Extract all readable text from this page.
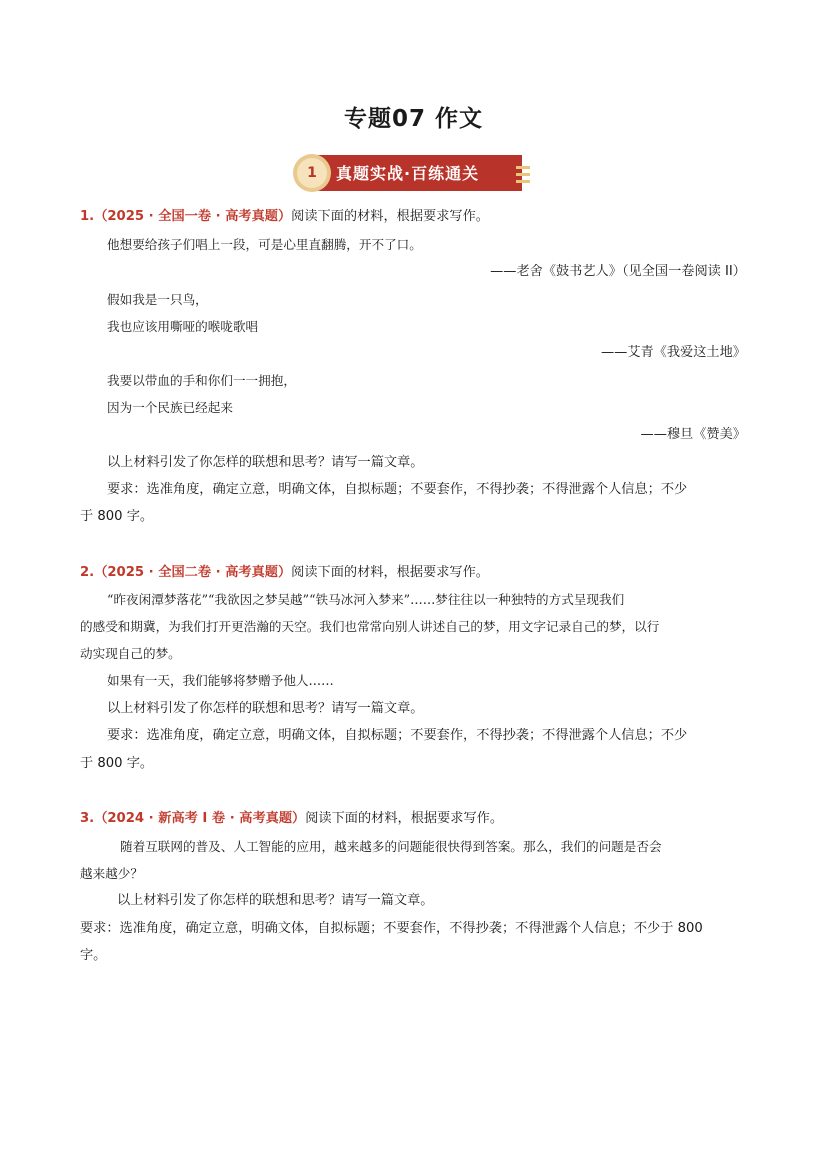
专题07 作文
1	真题实战·百练通关
1.（2025 · 全国一卷 · 高考真题）阅读下面的材料，根据要求写作。
他想要给孩子们唱上一段，可是心里直翻腾，开不了口。
——老舍《鼓书艺人》（见全国一卷阅读 II）
假如我是一只鸟，
我也应该用嘶哑的喉咙歌唱
——艾青《我爱这土地》
我要以带血的手和你们一一拥抱，
因为一个民族已经起来
——穆旦《赞美》
以上材料引发了你怎样的联想和思考？请写一篇文章。
要求：选准角度，确定立意，明确文体，自拟标题；不要套作，不得抄袭；不得泄露个人信息；不少
于 800 字。
2.（2025 · 全国二卷 · 高考真题）阅读下面的材料，根据要求写作。
“昨夜闲潭梦落花”“我欲因之梦吴越”“铁马冰河入梦来”……梦往往以一种独特的方式呈现我们
的感受和期冀，为我们打开更浩瀚的天空。我们也常常向别人讲述自己的梦，用文字记录自己的梦，以行
动实现自己的梦。
如果有一天，我们能够将梦赠予他人……
以上材料引发了你怎样的联想和思考？请写一篇文章。
要求：选准角度，确定立意，明确文体，自拟标题；不要套作，不得抄袭；不得泄露个人信息；不少
于 800 字。
3.（2024 · 新高考 I 卷 · 高考真题）阅读下面的材料，根据要求写作。
随着互联网的普及、人工智能的应用，越来越多的问题能很快得到答案。那么，我们的问题是否会
越来越少？
以上材料引发了你怎样的联想和思考？请写一篇文章。
要求：选准角度，确定立意，明确文体，自拟标题；不要套作，不得抄袭；不得泄露个人信息；不少于 800
字。
